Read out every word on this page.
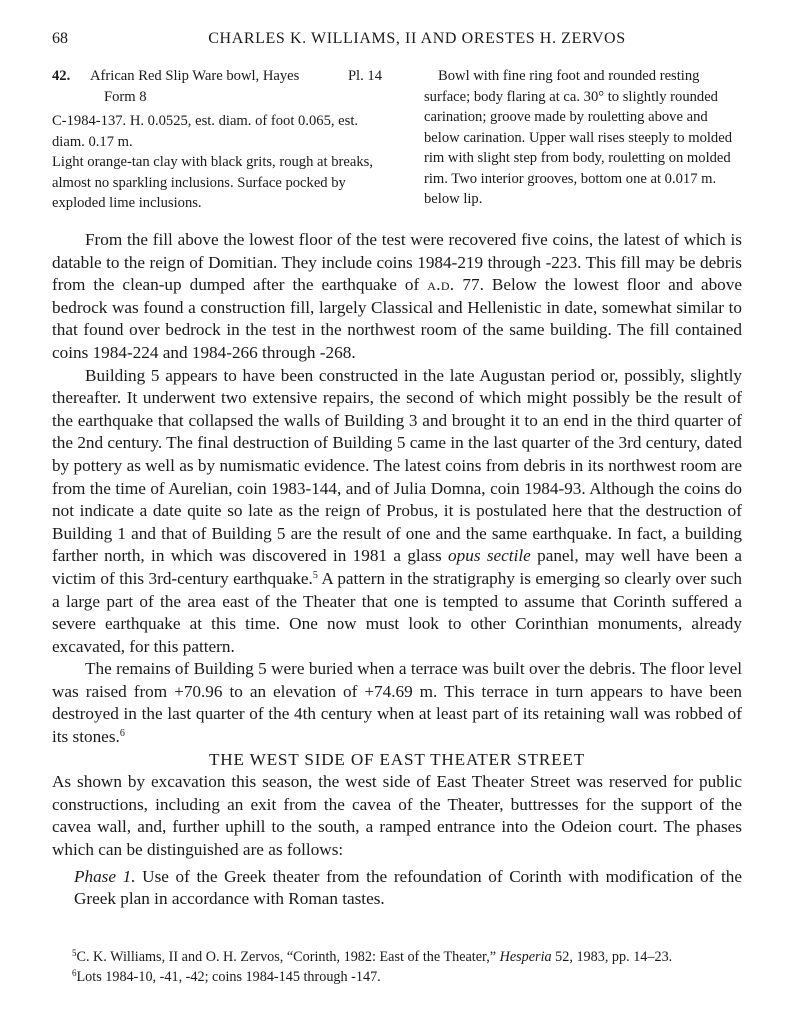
68	CHARLES K. WILLIAMS, II AND ORESTES H. ZERVOS
42. African Red Slip Ware bowl, Hayes	Pl. 14
Form 8

C-1984-137. H. 0.0525, est. diam. of foot 0.065, est. diam. 0.17 m.

Light orange-tan clay with black grits, rough at breaks, almost no sparkling inclusions. Surface pocked by exploded lime inclusions.

Bowl with fine ring foot and rounded resting surface; body flaring at ca. 30° to slightly rounded carination; groove made by rouletting above and below carination. Upper wall rises steeply to molded rim with slight step from body, rouletting on molded rim. Two interior grooves, bottom one at 0.017 m. below lip.

From the fill above the lowest floor of the test were recovered five coins, the latest of which is datable to the reign of Domitian. They include coins 1984-219 through -223. This fill may be debris from the clean-up dumped after the earthquake of a.d. 77. Below the lowest floor and above bedrock was found a construction fill, largely Classical and Hellenistic in date, somewhat similar to that found over bedrock in the test in the northwest room of the same building. The fill contained coins 1984-224 and 1984-266 through -268.

Building 5 appears to have been constructed in the late Augustan period or, possibly, slightly thereafter. It underwent two extensive repairs, the second of which might possibly be the result of the earthquake that collapsed the walls of Building 3 and brought it to an end in the third quarter of the 2nd century. The final destruction of Building 5 came in the last quarter of the 3rd century, dated by pottery as well as by numismatic evidence. The latest coins from debris in its northwest room are from the time of Aurelian, coin 1983-144, and of Julia Domna, coin 1984-93. Although the coins do not indicate a date quite so late as the reign of Probus, it is postulated here that the destruction of Building 1 and that of Building 5 are the result of one and the same earthquake. In fact, a building farther north, in which was discovered in 1981 a glass opus sectile panel, may well have been a victim of this 3rd-century earthquake.$^5$ A pattern in the stratigraphy is emerging so clearly over such a large part of the area east of the Theater that one is tempted to assume that Corinth suffered a severe earthquake at this time. One now must look to other Corinthian monuments, already excavated, for this pattern.

The remains of Building 5 were buried when a terrace was built over the debris. The floor level was raised from +70.96 to an elevation of +74.69 m. This terrace in turn appears to have been destroyed in the last quarter of the 4th century when at least part of its retaining wall was robbed of its stones.$^6$

THE WEST SIDE OF EAST THEATER STREET

As shown by excavation this season, the west side of East Theater Street was reserved for public constructions, including an exit from the cavea of the Theater, buttresses for the support of the cavea wall, and, further uphill to the south, a ramped entrance into the Odeion court. The phases which can be distinguished are as follows:

Phase 1. Use of the Greek theater from the refoundation of Corinth with modification of the Greek plan in accordance with Roman tastes.

$^5$C. K. Williams, II and O. H. Zervos, “Corinth, 1982: East of the Theater,” Hesperia 52, 1983, pp. 14–23.

$^6$Lots 1984-10, -41, -42; coins 1984-145 through -147.
